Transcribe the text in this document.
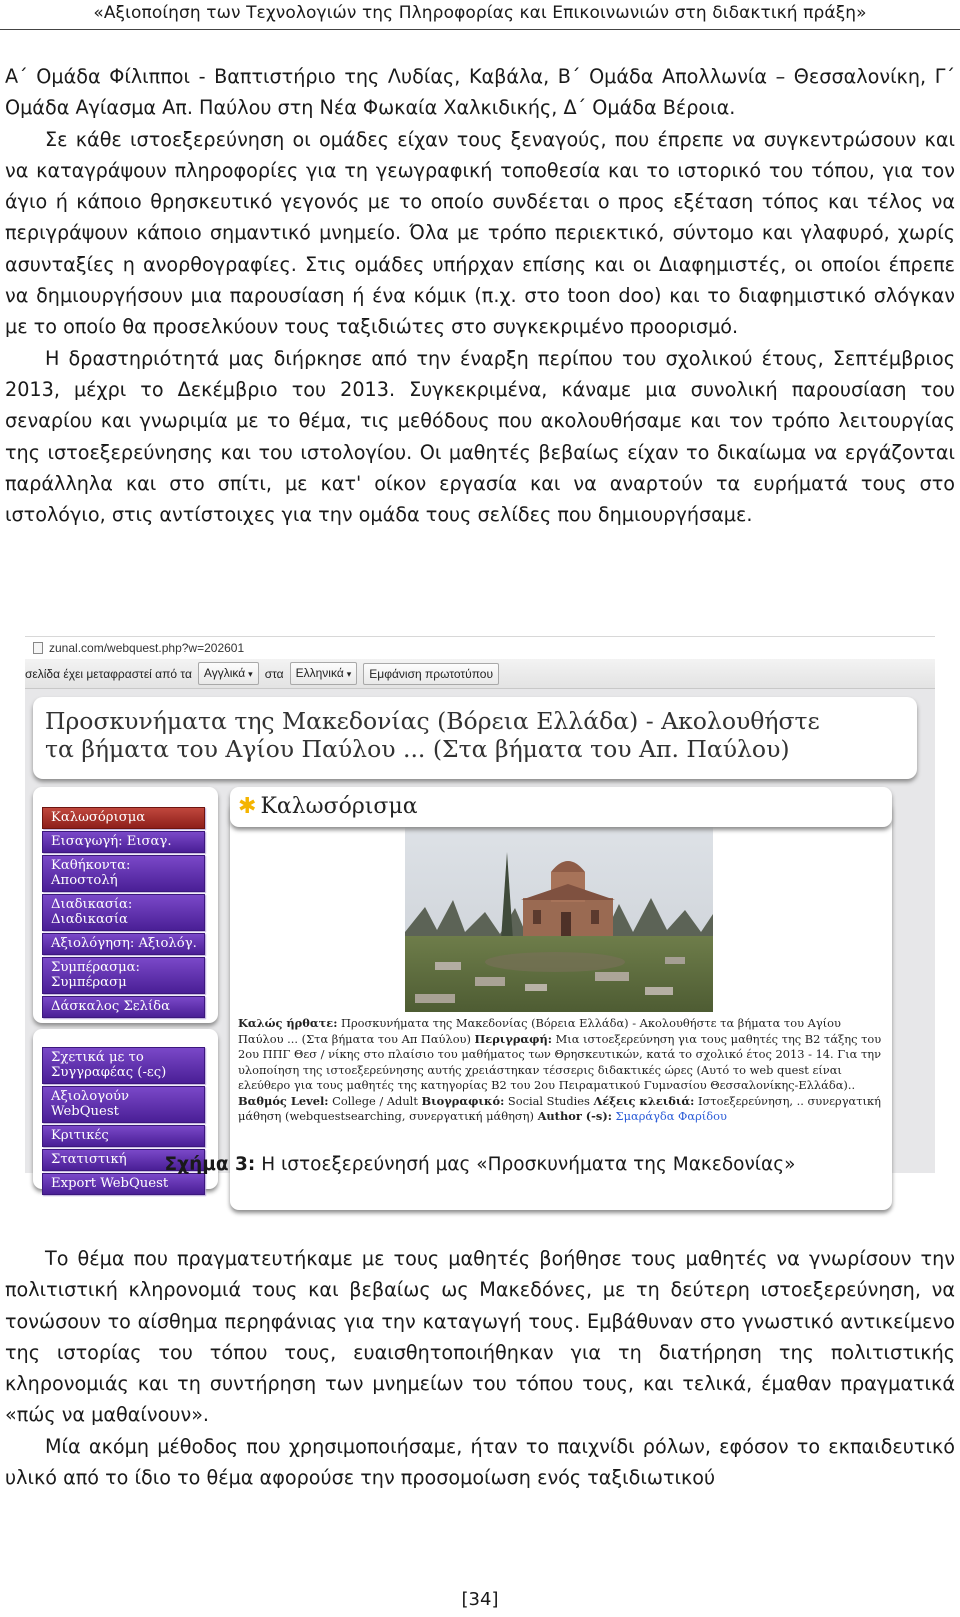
«Αξιοποίηση των Τεχνολογιών της Πληροφορίας και Επικοινωνιών στη διδακτική πράξη»

Α΄ Ομάδα Φίλιπποι - Βαπτιστήριο της Λυδίας, Καβάλα, Β΄ Ομάδα Απολλωνία – Θεσσαλονίκη, Γ΄ Ομάδα Αγίασμα Απ. Παύλου στη Νέα Φωκαία Χαλκιδικής, Δ΄ Ομάδα Βέροια.

Σε κάθε ιστοεξερεύνηση οι ομάδες είχαν τους ξεναγούς, που έπρεπε να συγκεντρώσουν και να καταγράψουν πληροφορίες για τη γεωγραφική τοποθεσία και το ιστορικό του τόπου, για τον άγιο ή κάποιο θρησκευτικό γεγονός με το οποίο συνδέεται ο προς εξέταση τόπος και τέλος να περιγράψουν κάποιο σημαντικό μνημείο. Όλα με τρόπο περιεκτικό, σύντομο και γλαφυρό, χωρίς ασυνταξίες η ανορθογραφίες. Στις ομάδες υπήρχαν επίσης και οι Διαφημιστές, οι οποίοι έπρεπε να δημιουργήσουν μια παρουσίαση ή ένα κόμικ (π.χ. στο toon doo) και το διαφημιστικό σλόγκαν με το οποίο θα προσελκύουν τους ταξιδιώτες στο συγκεκριμένο προορισμό.

Η δραστηριότητά μας διήρκησε από την έναρξη περίπου του σχολικού έτους, Σεπτέμβριος 2013, μέχρι το Δεκέμβριο του 2013. Συγκεκριμένα, κάναμε μια συνολική παρουσίαση του σεναρίου και γνωριμία με το θέμα, τις μεθόδους που ακολουθήσαμε και τον τρόπο λειτουργίας της ιστοεξερεύνησης και του ιστολογίου. Οι μαθητές βεβαίως είχαν το δικαίωμα να εργάζονται παράλληλα και στο σπίτι, με κατ' οίκον εργασία και να αναρτούν τα ευρήματά τους στο ιστολόγιο, στις αντίστοιχες για την ομάδα τους σελίδες που δημιουργήσαμε.

zunal.com/webquest.php?w=202601
σελίδα έχει μεταφραστεί από τα	Αγγλικά ▾	στα	Ελληνικά ▾	Εμφάνιση πρωτοτύπου
Προσκυνήματα της Μακεδονίας (Βόρεια Ελλάδα) - Ακολουθήστε
τα βήματα του Αγίου Παύλου ... (Στα βήματα του Απ. Παύλου)
Καλωσόρισμα
Εισαγωγή: Εισαγ.
Καθήκοντα: Αποστολή
Διαδικασία: Διαδικασία
Αξιολόγηση: Αξιολόγ.
Συμπέρασμα: Συμπέρασμ
Δάσκαλος Σελίδα
Σχετικά με το Συγγραφέας (-ες)
Αξιολογούν WebQuest
Κριτικές
Στατιστική
Export WebQuest
Καλώς ήρθατε: Προσκυνήματα της Μακεδονίας (Βόρεια Ελλάδα) - Ακολουθήστε τα βήματα του Αγίου Παύλου ... (Στα βήματα του Απ Παύλου) Περιγραφή: Μια ιστοεξερεύνηση για τους μαθητές της Β2 τάξης του 2ου ΠΠΓ Θεσ / νίκης στο πλαίσιο του μαθήματος των Θρησκευτικών, κατά το σχολικό έτος 2013 - 14. Για την υλοποίηση της ιστοεξερεύνησης αυτής χρειάστηκαν τέσσερις διδακτικές ώρες (Αυτό το web quest είναι ελεύθερο για τους μαθητές της κατηγορίας Β2 του 2ου Πειραματικού Γυμνασίου Θεσσαλονίκης-Ελλάδα).. Βαθμός Level: College / Adult Βιογραφικό: Social Studies Λέξεις κλειδιά: Ιστοεξερεύνηση, .. συνεργατική μάθηση (webquestsearching, συνεργατική μάθηση) Author (-s): Σμαράγδα Φαρίδου
✱ Καλωσόρισμα
Σχήμα 3: Η ιστοεξερεύνησή μας «Προσκυνήματα της Μακεδονίας»

Το θέμα που πραγματευτήκαμε με τους μαθητές βοήθησε τους μαθητές να γνωρίσουν την πολιτιστική κληρονομιά τους και βεβαίως ως Μακεδόνες, με τη δεύτερη ιστοεξερεύνηση, να τονώσουν το αίσθημα περηφάνιας για την καταγωγή τους. Εμβάθυναν στο γνωστικό αντικείμενο της ιστορίας του τόπου τους, ευαισθητοποιήθηκαν για τη διατήρηση της πολιτιστικής κληρονομιάς και τη συντήρηση των μνημείων του τόπου τους, και τελικά, έμαθαν πραγματικά «πώς να μαθαίνουν».

Μία ακόμη μέθοδος που χρησιμοποιήσαμε, ήταν το παιχνίδι ρόλων, εφόσον το εκπαιδευτικό υλικό από το ίδιο το θέμα αφορούσε την προσομοίωση ενός ταξιδιωτικού

[34]
